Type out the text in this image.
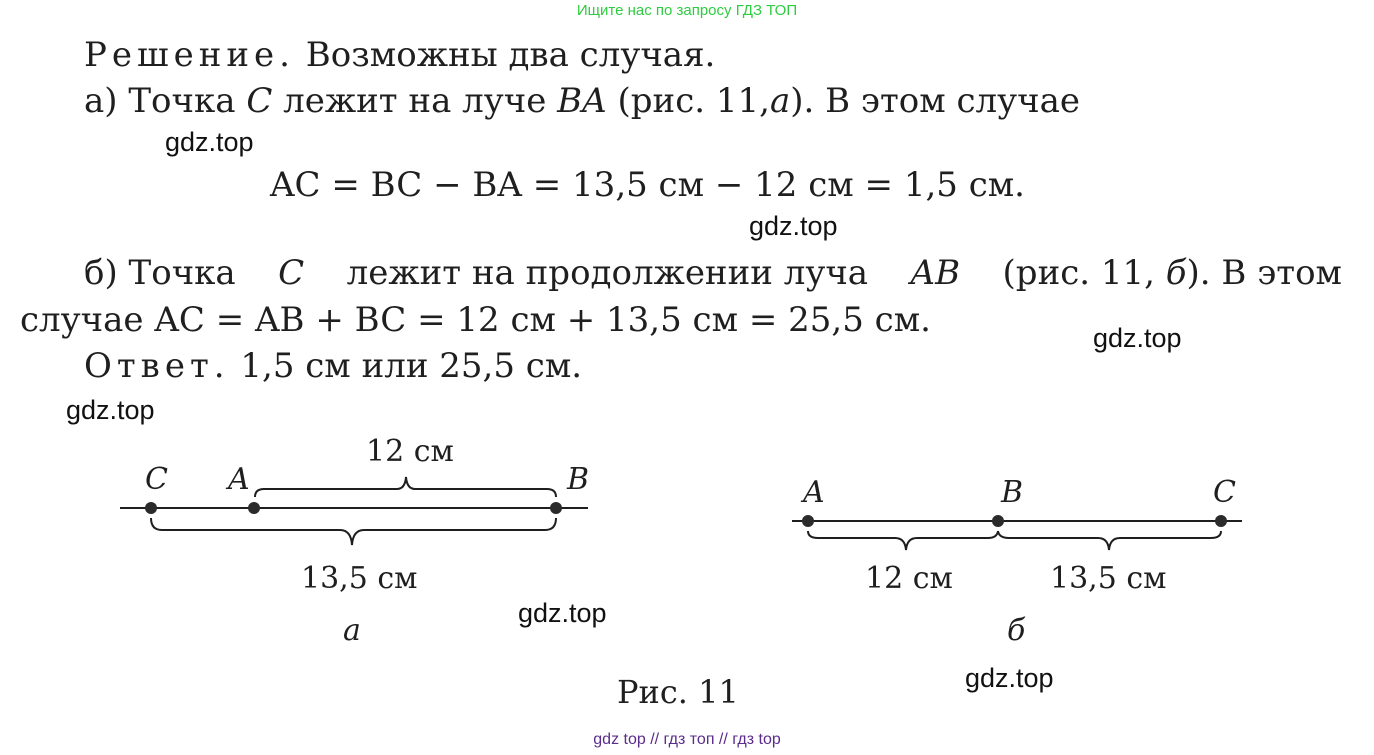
Ищите нас по запросу ГДЗ ТОП
Решение. Возможны два случая.
а) Точка C лежит на луче BA (рис. 11,а). В этом случае
gdz.top
AC = BC − BA = 13,5 см − 12 см = 1,5 см.
gdz.top
б) Точка C лежит на продолжении луча AB (рис. 11, б). В этом
случае AC = AB + BC = 12 см + 13,5 см = 25,5 см.	gdz.top
Ответ. 1,5 см или 25,5 см.
gdz.top
C A	B
12 см
13,5 см
а
A	B	C
12 см	13,5 см
б
gdz.top
gdz.top
Рис. 11
gdz top // гдз топ // гдз top
